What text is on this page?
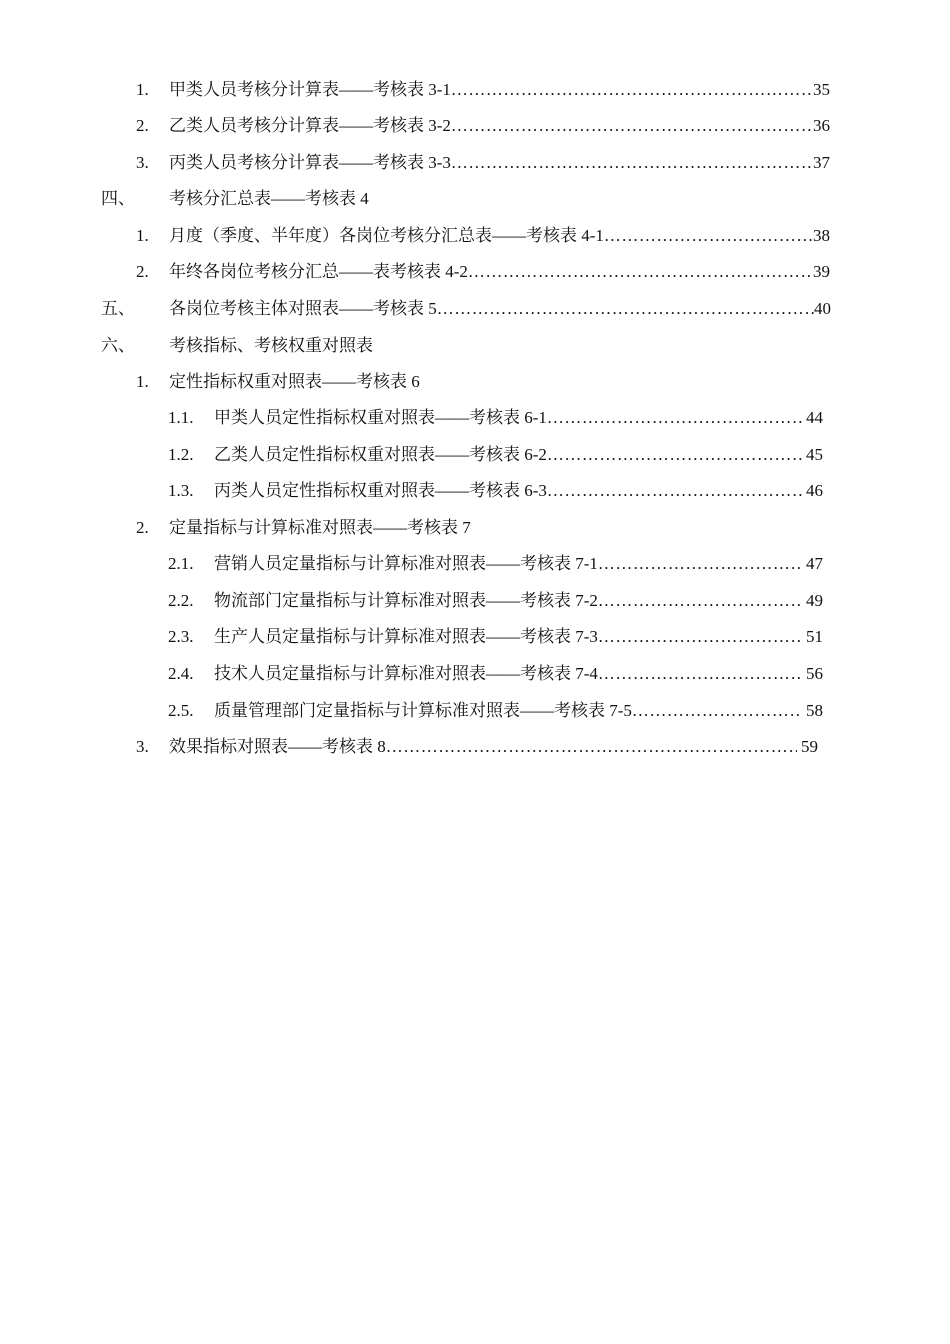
1.	甲类人员考核分计算表——考核表 3-1 ……………………………………………………………………………………………………………………………………………………………………	35
2.	乙类人员考核分计算表——考核表 3-2 ……………………………………………………………………………………………………………………………………………………………………	36
3.	丙类人员考核分计算表——考核表 3-3 ……………………………………………………………………………………………………………………………………………………………………	37
四、	考核分汇总表——考核表 4
1.	月度（季度、半年度）各岗位考核分汇总表——考核表 4-1 ……………………………………………………………………………………………………………………………………………………………………	38
2.	年终各岗位考核分汇总——表考核表 4-2 ……………………………………………………………………………………………………………………………………………………………………	39
五、	各岗位考核主体对照表——考核表 5 ……………………………………………………………………………………………………………………………………………………………………	40
六、	考核指标、考核权重对照表
1.	定性指标权重对照表——考核表 6
1.1.	甲类人员定性指标权重对照表——考核表 6-1 ……………………………………………………………………………………………………………………………………………………………………	44
1.2.	乙类人员定性指标权重对照表——考核表 6-2 ……………………………………………………………………………………………………………………………………………………………………	45
1.3.	丙类人员定性指标权重对照表——考核表 6-3 ……………………………………………………………………………………………………………………………………………………………………	46
2.	定量指标与计算标准对照表——考核表 7
2.1.	营销人员定量指标与计算标准对照表——考核表 7-1 ……………………………………………………………………………………………………………………………………………………………………	47
2.2.	物流部门定量指标与计算标准对照表——考核表 7-2 ……………………………………………………………………………………………………………………………………………………………………	49
2.3.	生产人员定量指标与计算标准对照表——考核表 7-3 ……………………………………………………………………………………………………………………………………………………………………	51
2.4.	技术人员定量指标与计算标准对照表——考核表 7-4 ……………………………………………………………………………………………………………………………………………………………………	56
2.5.	质量管理部门定量指标与计算标准对照表——考核表 7-5 ……………………………………………………………………………………………………………………………………………………………………	58
3.	效果指标对照表——考核表 8 ……………………………………………………………………………………………………………………………………………………………………	59
